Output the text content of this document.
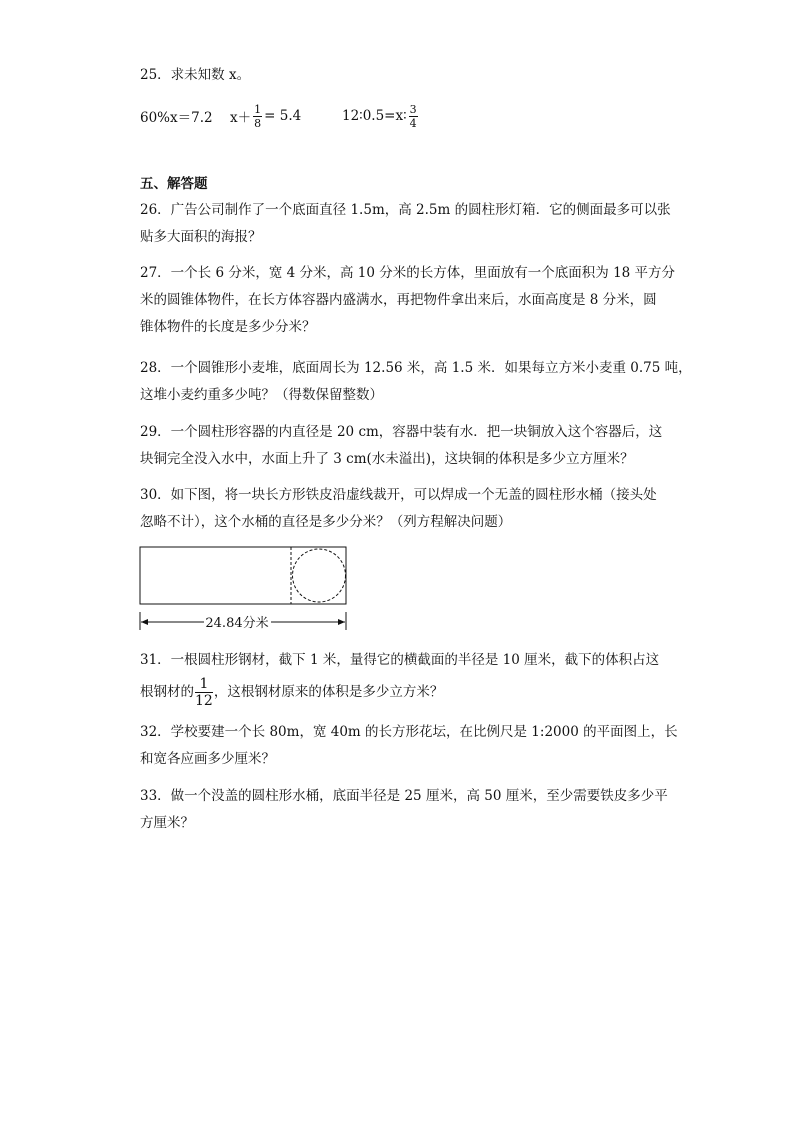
25．求未知数 x。
60%x＝7.2 $x+ \frac{1}{8} = 5.4$	12∶0.5=x∶ $\frac{3}{4}$
五、解答题
26．广告公司制作了一个底面直径 1.5m，高 2.5m 的圆柱形灯箱．它的侧面最多可以张
贴多大面积的海报？
27．一个长 6 分米，宽 4 分米，高 10 分米的长方体，里面放有一个底面积为 18 平方分
米的圆锥体物件，在长方体容器内盛满水，再把物件拿出来后，水面高度是 8 分米，圆
锥体物件的长度是多少分米？
28．一个圆锥形小麦堆，底面周长为 12.56 米，高 1.5 米．如果每立方米小麦重 0.75 吨，
这堆小麦约重多少吨？（得数保留整数）
29．一个圆柱形容器的内直径是 20 cm，容器中装有水．把一块铜放入这个容器后，这
块铜完全没入水中，水面上升了 3 cm(水未溢出)，这块铜的体积是多少立方厘米？
30．如下图，将一块长方形铁皮沿虚线裁开，可以焊成一个无盖的圆柱形水桶（接头处
忽略不计），这个水桶的直径是多少分米？（列方程解决问题）
24.84分米
31．一根圆柱形钢材，截下 1 米，量得它的横截面的半径是 10 厘米，截下的体积占这
根钢材的 $\frac{1}{12}$ ，这根钢材原来的体积是多少立方米？
32．学校要建一个长 80m，宽 40m 的长方形花坛，在比例尺是 1:2000 的平面图上，长
和宽各应画多少厘米？
33．做一个没盖的圆柱形水桶，底面半径是 25 厘米，高 50 厘米，至少需要铁皮多少平
方厘米？
